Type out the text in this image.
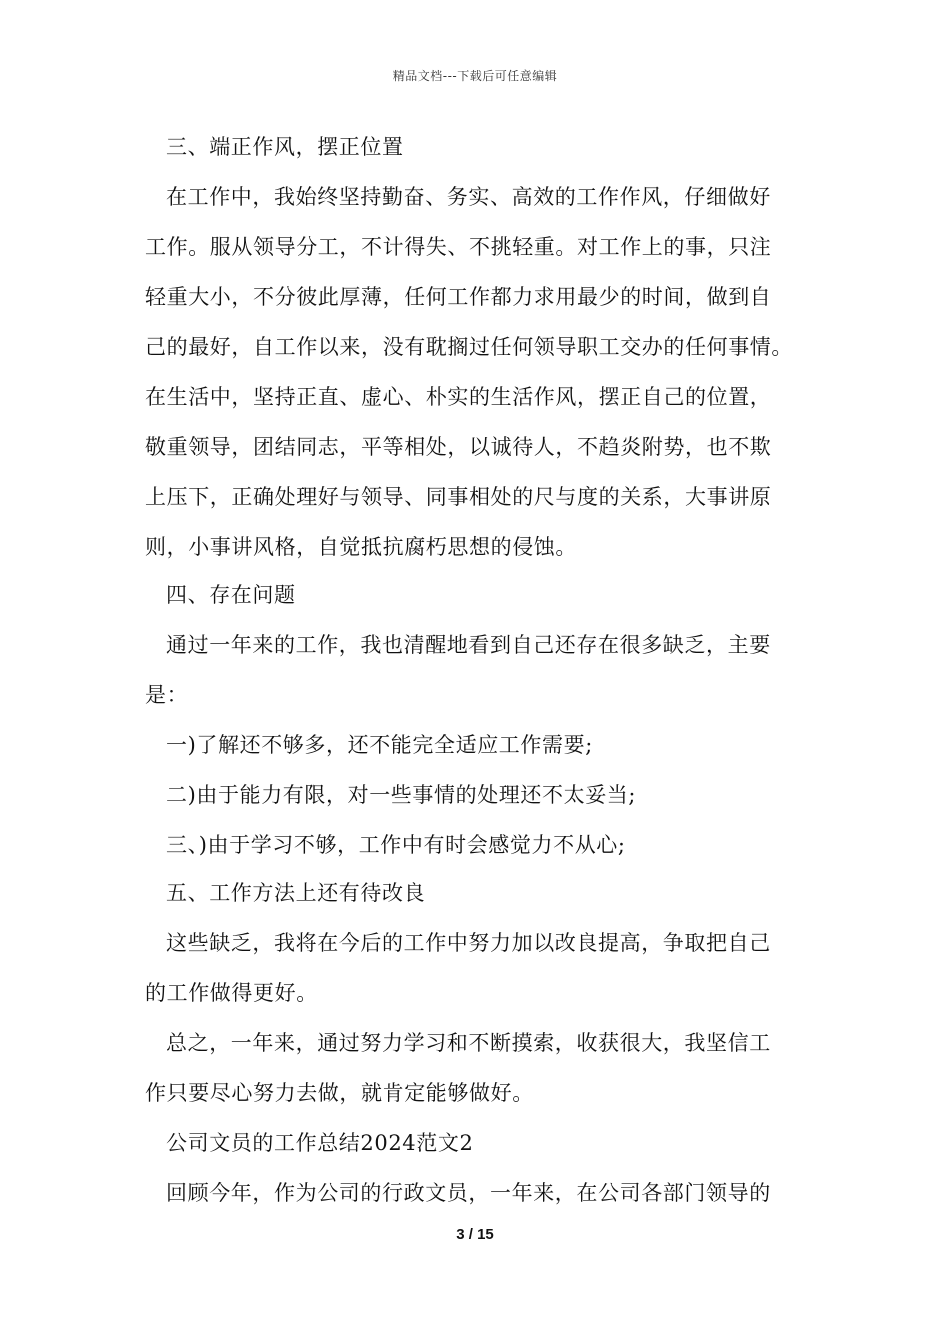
精品文档---下载后可任意编辑
三、端正作风，摆正位置
在工作中，我始终坚持勤奋、务实、高效的工作作风，仔细做好
工作。服从领导分工，不计得失、不挑轻重。对工作上的事，只注
轻重大小，不分彼此厚薄，任何工作都力求用最少的时间，做到自
己的最好，自工作以来，没有耽搁过任何领导职工交办的任何事情。
在生活中，坚持正直、虚心、朴实的生活作风，摆正自己的位置，
敬重领导，团结同志，平等相处，以诚待人，不趋炎附势，也不欺
上压下，正确处理好与领导、同事相处的尺与度的关系，大事讲原
则，小事讲风格，自觉抵抗腐朽思想的侵蚀。
四、存在问题
通过一年来的工作，我也清醒地看到自己还存在很多缺乏，主要
是：
一)了解还不够多，还不能完全适应工作需要;
二)由于能力有限，对一些事情的处理还不太妥当;
三、)由于学习不够，工作中有时会感觉力不从心;
五、工作方法上还有待改良
这些缺乏，我将在今后的工作中努力加以改良提高，争取把自己
的工作做得更好。
总之，一年来，通过努力学习和不断摸索，收获很大，我坚信工
作只要尽心努力去做，就肯定能够做好。
公司文员的工作总结2024范文2
回顾今年，作为公司的行政文员，一年来，在公司各部门领导的
3 / 15
